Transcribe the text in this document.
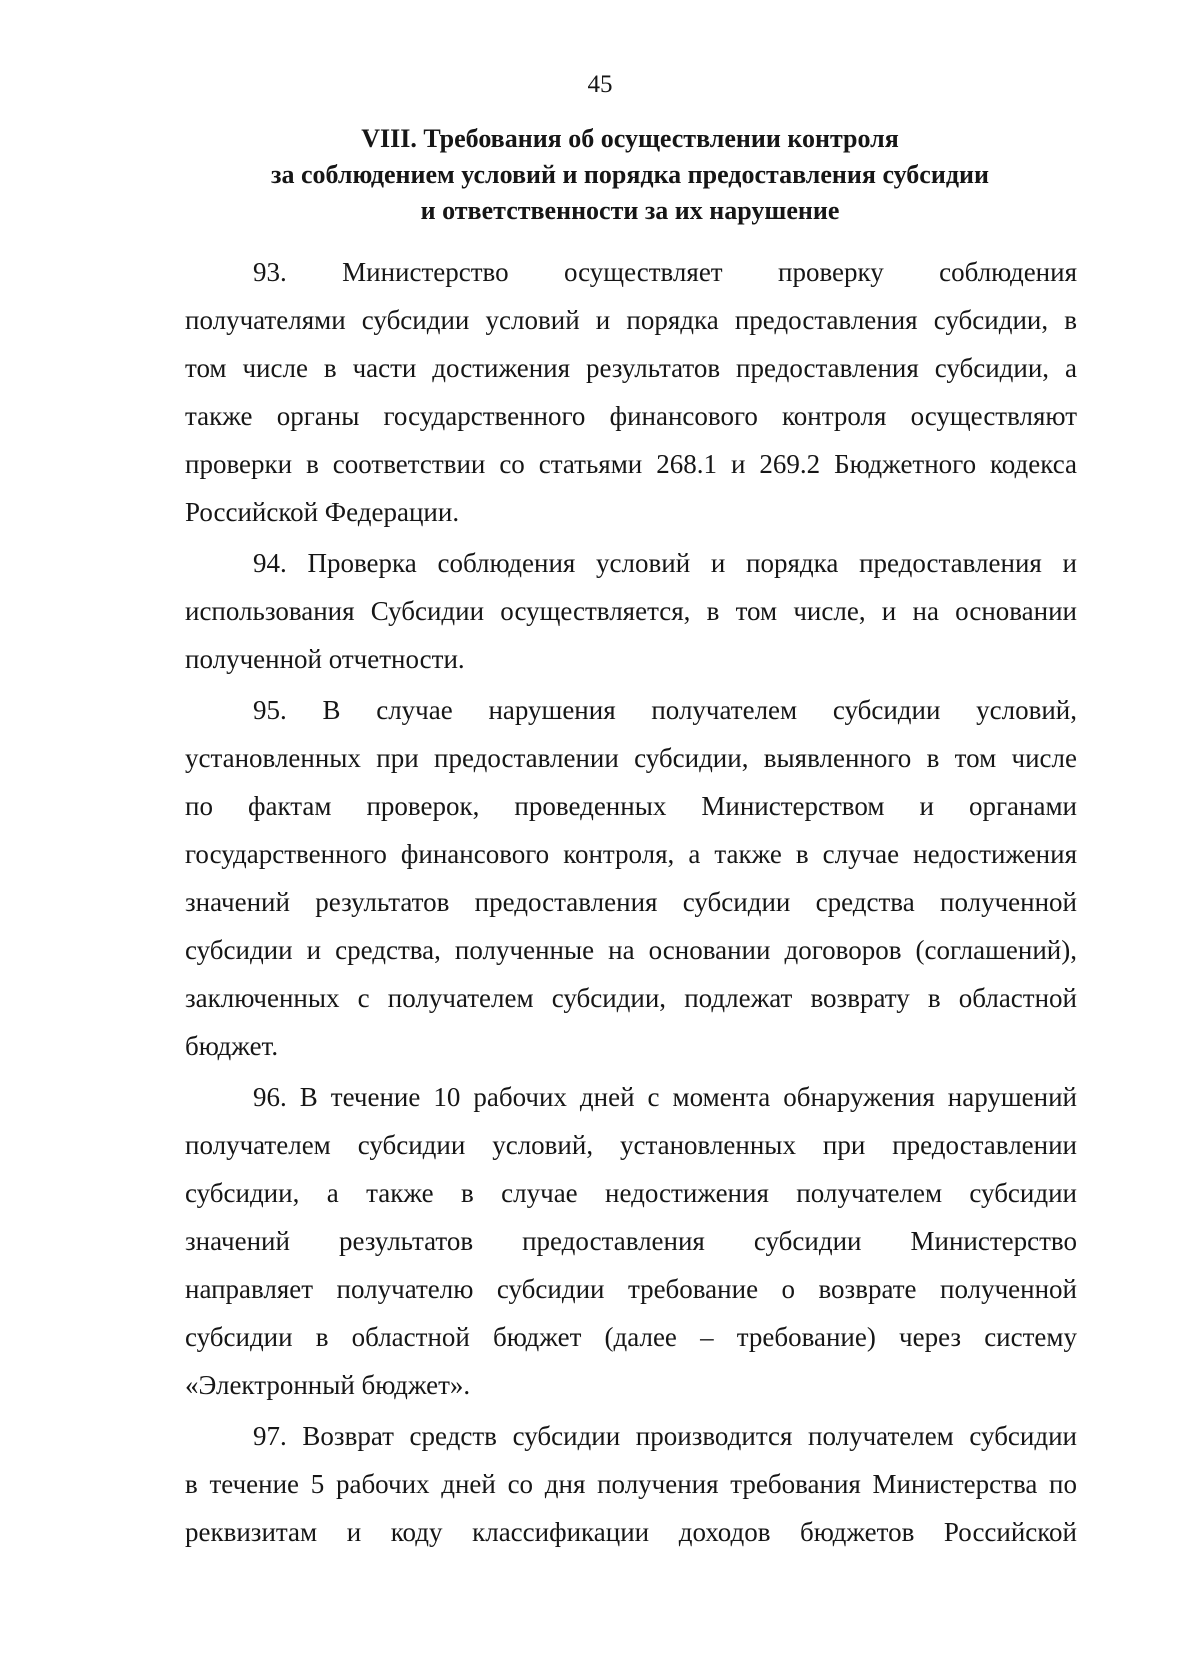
45
VIII. Требования об осуществлении контроля
за соблюдением условий и порядка предоставления субсидии
и ответственности за их нарушение
93. Министерство осуществляет проверку соблюдения
получателями субсидии условий и порядка предоставления субсидии, в
том числе в части достижения результатов предоставления субсидии, а
также органы государственного финансового контроля осуществляют
проверки в соответствии со статьями 268.1 и 269.2 Бюджетного кодекса
Российской Федерации.
94. Проверка соблюдения условий и порядка предоставления и
использования Субсидии осуществляется, в том числе, и на основании
полученной отчетности.
95. В случае нарушения получателем субсидии условий,
установленных при предоставлении субсидии, выявленного в том числе
по фактам проверок, проведенных Министерством и органами
государственного финансового контроля, а также в случае недостижения
значений результатов предоставления субсидии средства полученной
субсидии и средства, полученные на основании договоров (соглашений),
заключенных с получателем субсидии, подлежат возврату в областной
бюджет.
96. В течение 10 рабочих дней с момента обнаружения нарушений
получателем субсидии условий, установленных при предоставлении
субсидии, а также в случае недостижения получателем субсидии
значений результатов предоставления субсидии Министерство
направляет получателю субсидии требование о возврате полученной
субсидии в областной бюджет (далее – требование) через систему
«Электронный бюджет».
97. Возврат средств субсидии производится получателем субсидии
в течение 5 рабочих дней со дня получения требования Министерства по
реквизитам и коду классификации доходов бюджетов Российской
